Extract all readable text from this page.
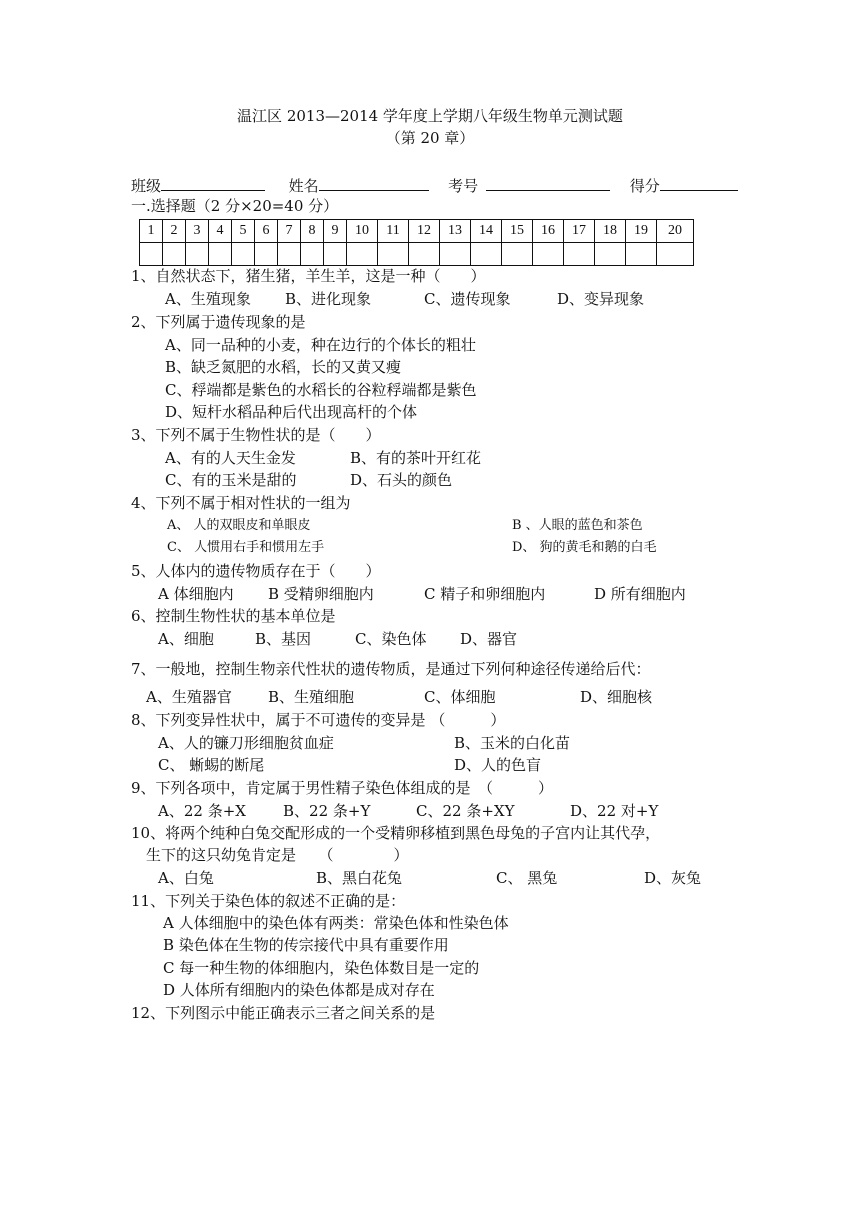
温江区 2013—2014 学年度上学期八年级生物单元测试题
（第 20 章）
班级	姓名	考号	得分
一.选择题（2 分×20=40 分）
1	2	3	4	5	6	7	8	9	10	11	12	13	14	15	16	17	18	19	20

1、自然状态下，猪生猪，羊生羊，这是一种（　　）
A、生殖现象 B、进化现象	C、遗传现象	D、变异现象
2、下列属于遗传现象的是
A、同一品种的小麦，种在边行的个体长的粗壮
B、缺乏氮肥的水稻，长的又黄又瘦
C、稃端都是紫色的水稻长的谷粒稃端都是紫色
D、短杆水稻品种后代出现高杆的个体
3、下列不属于生物性状的是（　　）
A、有的人天生金发	B、有的茶叶开红花
C、有的玉米是甜的	D、石头的颜色
4、下列不属于相对性状的一组为
A、 人的双眼皮和单眼皮	B 、人眼的蓝色和茶色
C、 人惯用右手和惯用左手	D、 狗的黄毛和鹅的白毛
5、人体内的遗传物质存在于（　　）
A 体细胞内 B 受精卵细胞内	C 精子和卵细胞内	D 所有细胞内
6、控制生物性状的基本单位是
A、细胞	B、基因	C、染色体 D、器官
7、一般地，控制生物亲代性状的遗传物质，是通过下列何种途径传递给后代：
A、生殖器官 B、生殖细胞	C、体细胞	D、细胞核
8、下列变异性状中，属于不可遗传的变异是 （　　　）
A、人的镰刀形细胞贫血症	B、玉米的白化苗
C、 蜥蜴的断尾	D、人的色盲
9、下列各项中，肯定属于男性精子染色体组成的是　（　　　）
A、22 条+X B、22 条+Y	C、22 条+XY	D、22 对+Y
10、将两个纯种白兔交配形成的一个受精卵移植到黑色母兔的子宫内让其代孕，
生下的这只幼兔肯定是　　（　　　　）
A、白兔	B、黑白花兔	C、 黑兔	D、灰兔
11、下列关于染色体的叙述不正确的是：
A 人体细胞中的染色体有两类：常染色体和性染色体
B 染色体在生物的传宗接代中具有重要作用
C 每一种生物的体细胞内，染色体数目是一定的
D 人体所有细胞内的染色体都是成对存在
12、下列图示中能正确表示三者之间关系的是
